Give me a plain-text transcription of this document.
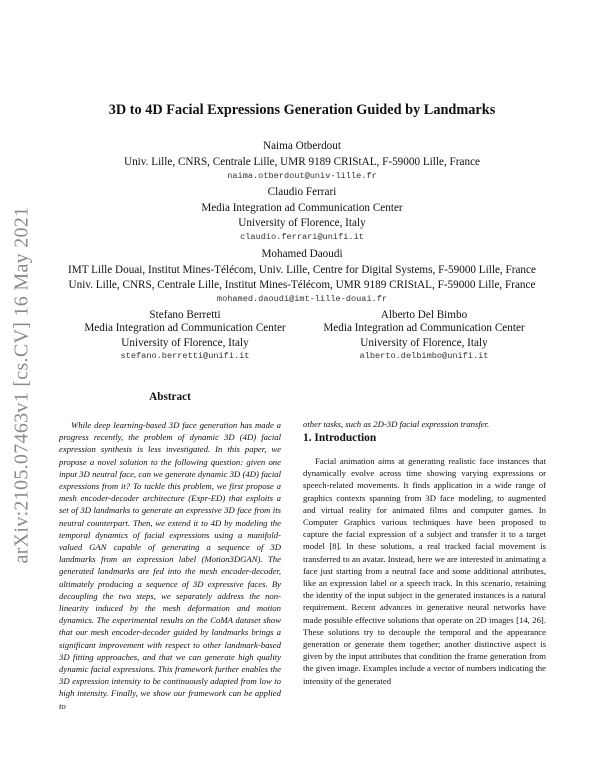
arXiv:2105.07463v1 [cs.CV] 16 May 2021
3D to 4D Facial Expressions Generation Guided by Landmarks
Naima Otberdout
Univ. Lille, CNRS, Centrale Lille, UMR 9189 CRIStAL, F-59000 Lille, France
naima.otberdout@univ-lille.fr
Claudio Ferrari
Media Integration ad Communication Center
University of Florence, Italy
claudio.ferrari@unifi.it
Mohamed Daoudi
IMT Lille Douai, Institut Mines-Télécom, Univ. Lille, Centre for Digital Systems, F-59000 Lille, France
Univ. Lille, CNRS, Centrale Lille, Institut Mines-Télécom, UMR 9189 CRIStAL, F-59000 Lille, France
mohamed.daoudi@imt-lille-douai.fr
Stefano Berretti
Media Integration ad Communication Center
University of Florence, Italy
stefano.berretti@unifi.it
Alberto Del Bimbo
Media Integration ad Communication Center
University of Florence, Italy
alberto.delbimbo@unifi.it
Abstract

While deep learning-based 3D face generation has made a progress recently, the problem of dynamic 3D (4D) facial expression synthesis is less investigated. In this paper, we propose a novel solution to the following question: given one input 3D neutral face, can we generate dynamic 3D (4D) facial expressions from it? To tackle this problem, we first propose a mesh encoder-decoder architecture (Expr-ED) that exploits a set of 3D landmarks to generate an expressive 3D face from its neutral counterpart. Then, we extend it to 4D by modeling the temporal dynamics of facial expressions using a manifold-valued GAN capable of generating a sequence of 3D landmarks from an expression label (Motion3DGAN). The generated landmarks are fed into the mesh encoder-decoder, ultimately producing a sequence of 3D expressive faces. By decoupling the two steps, we separately address the non-linearity induced by the mesh deformation and motion dynamics. The experimental results on the CoMA dataset show that our mesh encoder-decoder guided by landmarks brings a significant improvement with respect to other landmark-based 3D fitting approaches, and that we can generate high quality dynamic facial expressions. This framework further enables the 3D expression intensity to be continuously adapted from low to high intensity. Finally, we show our framework can be applied to

other tasks, such as 2D-3D facial expression transfer.
1. Introduction

Facial animation aims at generating realistic face instances that dynamically evolve across time showing varying expressions or speech-related movements. It finds application in a wide range of graphics contexts spanning from 3D face modeling, to augmented and virtual reality for animated films and computer games. In Computer Graphics various techniques have been proposed to capture the facial expression of a subject and transfer it to a target model [8]. In these solutions, a real tracked facial movement is transferred to an avatar. Instead, here we are interested in animating a face just starting from a neutral face and some additional attributes, like an expression label or a speech track. In this scenario, retaining the identity of the input subject in the generated instances is a natural requirement. Recent advances in generative neural networks have made possible effective solutions that operate on 2D images [14, 26]. These solutions try to decouple the temporal and the appearance generation or generate them together; another distinctive aspect is given by the input attributes that condition the frame generation from the given image. Examples include a vector of numbers indicating the intensity of the generated
